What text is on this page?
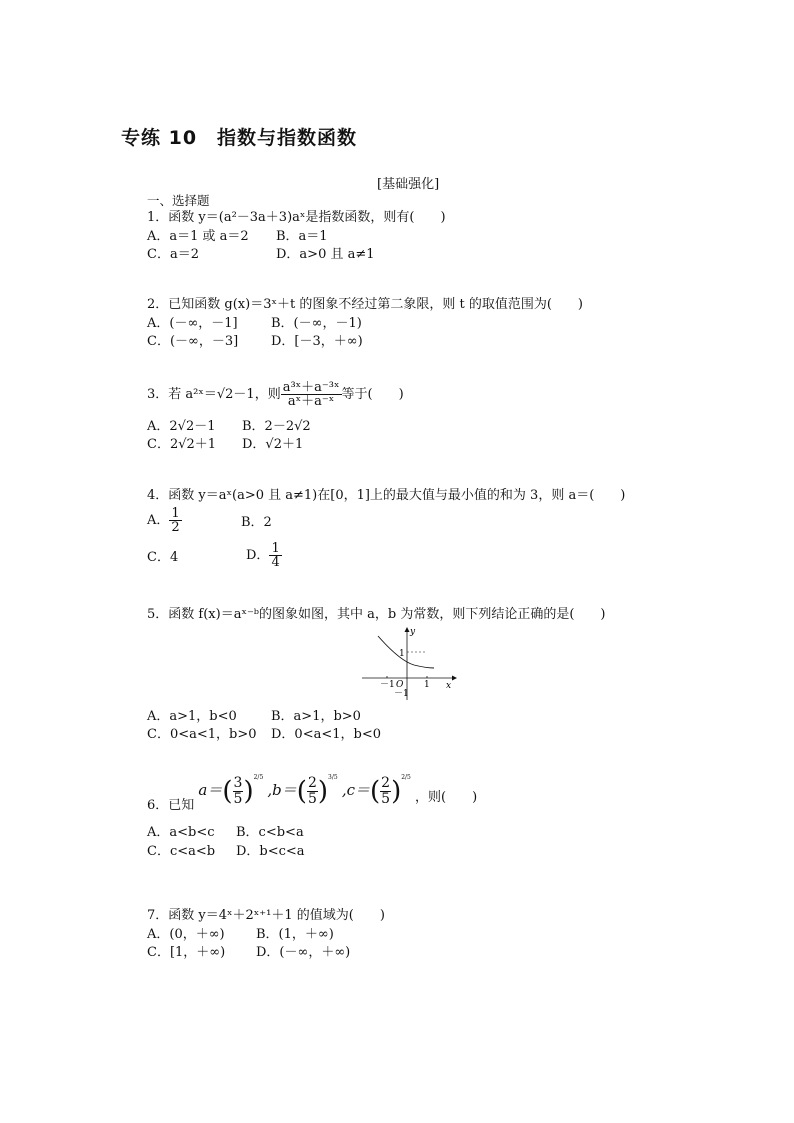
专练 10　指数与指数函数
[基础强化]
一、选择题
1．函数 y＝(a²－3a＋3)aˣ是指数函数，则有(　　)
A．a＝1 或 a＝2 B．a＝1
C．a＝2	D．a>0 且 a≠1
2．已知函数 g(x)＝3ˣ＋t 的图象不经过第二象限，则 t 的取值范围为(　　)
A．(－∞，－1]	B．(－∞，－1)
C．(－∞，－3]	D．[－3，＋∞)
3．若 a²ˣ＝√2－1，则 $\frac{\text{a³ˣ＋a⁻³ˣ}}{\text{aˣ＋a⁻ˣ}}$ 等于(　　)
A．2√2－1 B．2－2√2
C．2√2＋1 D．√2＋1
4．函数 y＝aˣ(a>0 且 a≠1)在[0，1]上的最大值与最小值的和为 3，则 a＝(　　)
A． $\frac{1}{2}$	B．2
C．4	D． $\frac{1}{4}$
5．函数 f(x)＝aˣ⁻ᵇ的图象如图，其中 a，b 为常数，则下列结论正确的是(　　)
y
x
1
－1
－1 O 1
A．a>1，b<0	B．a>1，b>0
C．0<a<1，b>0 D．0<a<1，b<0
6．已知 $a=( \frac{3}{5} )^{2/5}$ $,b=( \frac{2}{5} )^{3/5}$ $,c=( \frac{2}{5} )^{2/5}$ ，则(　　)
A．a<b<c B．c<b<a
C．c<a<b D．b<c<a
7．函数 y＝4ˣ＋2ˣ⁺¹＋1 的值域为(　　)
A．(0，＋∞) B．(1，＋∞)
C．[1，＋∞) D．(－∞，＋∞)
